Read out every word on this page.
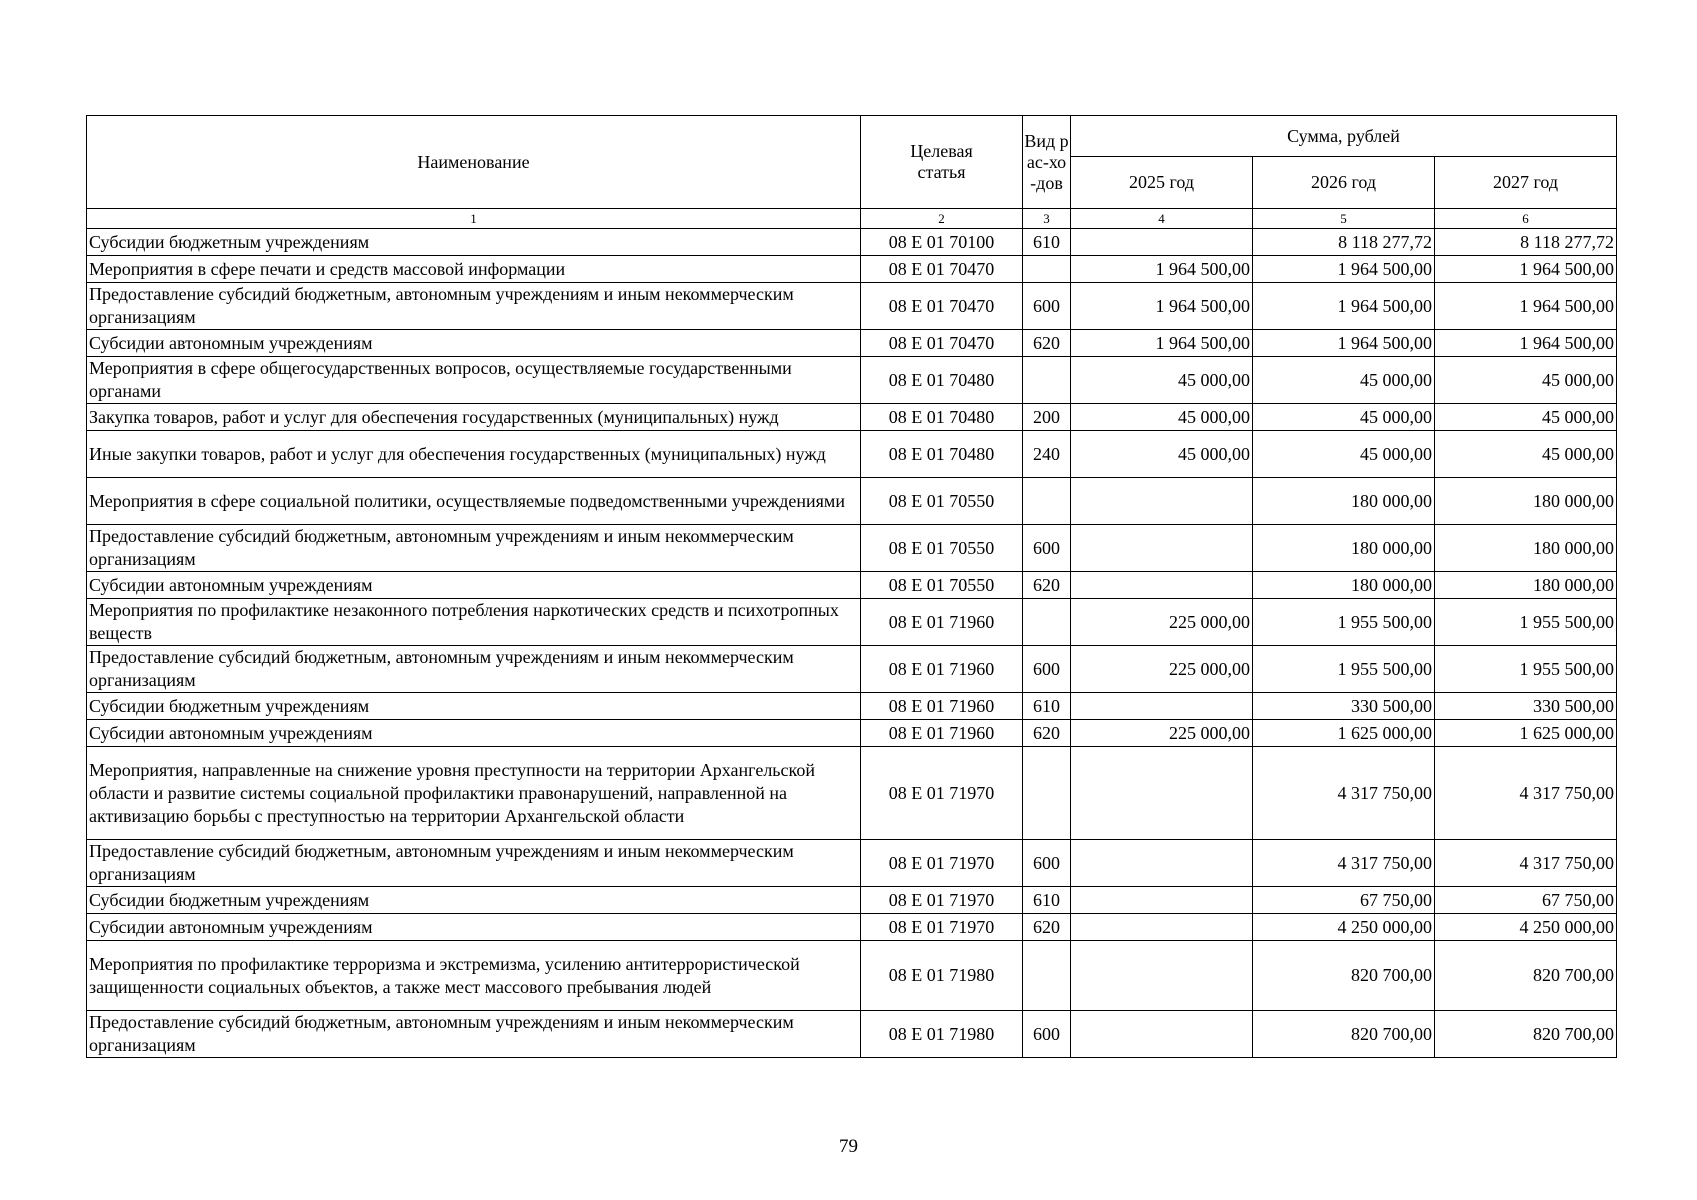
Наименование	Целевая статья	Вид рас-хо-дов	Сумма, рублей		
			2025 год	2026 год	2027 год
1	2	3	4	5	6
Субсидии бюджетным учреждениям	08 Е 01 70100	610		8 118 277,72	8 118 277,72
Мероприятия в сфере печати и средств массовой информации	08 Е 01 70470		1 964 500,00	1 964 500,00	1 964 500,00
Предоставление субсидий бюджетным, автономным учреждениям и иным некоммерческим организациям	08 Е 01 70470	600	1 964 500,00	1 964 500,00	1 964 500,00
Субсидии автономным учреждениям	08 Е 01 70470	620	1 964 500,00	1 964 500,00	1 964 500,00
Мероприятия в сфере общегосударственных вопросов, осуществляемые государственными органами	08 Е 01 70480		45 000,00	45 000,00	45 000,00
Закупка товаров, работ и услуг для обеспечения государственных (муниципальных) нужд	08 Е 01 70480	200	45 000,00	45 000,00	45 000,00
Иные закупки товаров, работ и услуг для обеспечения государственных (муниципальных) нужд	08 Е 01 70480	240	45 000,00	45 000,00	45 000,00
Мероприятия в сфере социальной политики, осуществляемые подведомственными учреждениями	08 Е 01 70550			180 000,00	180 000,00
Предоставление субсидий бюджетным, автономным учреждениям и иным некоммерческим организациям	08 Е 01 70550	600		180 000,00	180 000,00
Субсидии автономным учреждениям	08 Е 01 70550	620		180 000,00	180 000,00
Мероприятия по профилактике незаконного потребления наркотических средств и психотропных веществ	08 Е 01 71960		225 000,00	1 955 500,00	1 955 500,00
Предоставление субсидий бюджетным, автономным учреждениям и иным некоммерческим организациям	08 Е 01 71960	600	225 000,00	1 955 500,00	1 955 500,00
Субсидии бюджетным учреждениям	08 Е 01 71960	610		330 500,00	330 500,00
Субсидии автономным учреждениям	08 Е 01 71960	620	225 000,00	1 625 000,00	1 625 000,00
Мероприятия, направленные на снижение уровня преступности на территории Архангельской области и развитие системы социальной профилактики правонарушений, направленной на активизацию борьбы с преступностью на территории Архангельской области	08 Е 01 71970			4 317 750,00	4 317 750,00
Предоставление субсидий бюджетным, автономным учреждениям и иным некоммерческим организациям	08 Е 01 71970	600		4 317 750,00	4 317 750,00
Субсидии бюджетным учреждениям	08 Е 01 71970	610		67 750,00	67 750,00
Субсидии автономным учреждениям	08 Е 01 71970	620		4 250 000,00	4 250 000,00
Мероприятия по профилактике терроризма и экстремизма, усилению антитеррористической защищенности социальных объектов, а также мест массового пребывания людей	08 Е 01 71980			820 700,00	820 700,00
Предоставление субсидий бюджетным, автономным учреждениям и иным некоммерческим организациям	08 Е 01 71980	600		820 700,00	820 700,00
79
